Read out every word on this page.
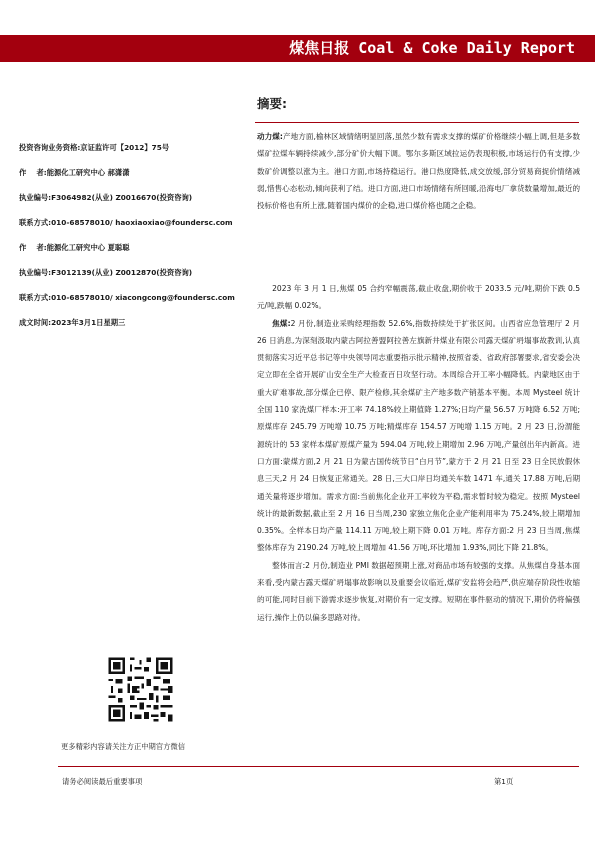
煤焦日报 Coal & Coke Daily Report
摘要:
动力煤:产地方面,榆林区域情绪明显回落,虽然少数有需求支撑的煤矿价格继续小幅上调,但是多数煤矿拉煤车辆持续减少,部分矿价大幅下调。鄂尔多斯区域拉运仍表现积极,市场运行仍有支撑,少数矿价调整以涨为主。港口方面,市场持稳运行。港口热度降低,成交放缓,部分贸易商捉价情绪减弱,惜售心态松动,倾向获利了结。进口方面,进口市场情绪有所回暖,沿海电厂拿货数量增加,最近的投标价格也有所上涨,随着国内煤价的企稳,进口煤价格也随之企稳。
投资咨询业务资格:京证监许可【2012】75号
作    者:能源化工研究中心 郝潇潇
执业编号:F3064982(从业) Z0016670(投资咨询)
联系方式:010-68578010/ haoxiaoxiao@foundersc.com
作    者:能源化工研究中心 夏聪聪
执业编号:F3012139(从业) Z0012870(投资咨询)
联系方式:010-68578010/ xiacongcong@foundersc.com
成文时间:2023年3月1日星期三

2023 年 3 月 1 日,焦煤 05 合约窄幅震荡,截止收盘,期价收于 2033.5 元/吨,期价下跌 0.5 元/吨,跌幅 0.02%。

焦煤:2 月份,制造业采购经理指数 52.6%,指数持续处于扩张区间。山西省应急管理厅 2 月 26 日消息,为深刻汲取内蒙古阿拉善盟阿拉善左旗新井煤业有限公司露天煤矿坍塌事故教训,认真贯彻落实习近平总书记等中央领导同志重要指示批示精神,按照省委、省政府部署要求,省安委会决定立即在全省开展矿山安全生产大检查百日攻坚行动。本周综合开工率小幅降低。内蒙地区由于重大矿难事故,部分煤企已停、限产检修,其余煤矿主产地多数产销基本平衡。本周 Mysteel 统计全国 110 家洗煤厂样本:开工率 74.18%较上期值降 1.27%;日均产量 56.57 万吨降 6.52 万吨;原煤库存 245.79 万吨增 10.75 万吨;精煤库存 154.57 万吨增 1.15 万吨。2 月 23 日,汾渭能源统计的 53 家样本煤矿原煤产量为 594.04 万吨,较上期增加 2.96 万吨,产量创出年内新高。进口方面:蒙煤方面,2 月 21 日为蒙古国传统节日“白月节”,蒙方于 2 月 21 日至 23 日全民放假休息三天,2 月 24 日恢复正常通关。28 日,三大口岸日均通关车数 1471 车,通关 17.88 万吨,后期通关量将逐步增加。需求方面:当前焦化企业开工率较为平稳,需求暂时较为稳定。按照 Mysteel 统计的最新数据,截止至 2 月 16 日当周,230 家独立焦化企业产能利用率为 75.24%,较上期增加 0.35%。全样本日均产量 114.11 万吨,较上期下降 0.01 万吨。库存方面:2 月 23 日当周,焦煤整体库存为 2190.24 万吨,较上周增加 41.56 万吨,环比增加 1.93%,同比下降 21.8%。

整体而言:2 月份,制造业 PMI 数据超预期上涨,对商品市场有较强的支撑。从焦煤自身基本面来看,受内蒙古露天煤矿坍塌事故影响以及重要会议临近,煤矿安监将会趋严,供应端存阶段性收缩的可能,同时目前下游需求逐步恢复,对期价有一定支撑。短期在事件驱动的情况下,期价仍将偏强运行,操作上仍以偏多思路对待。

更多精彩内容请关注方正中期官方微信
请务必阅读最后重要事项	第1页
